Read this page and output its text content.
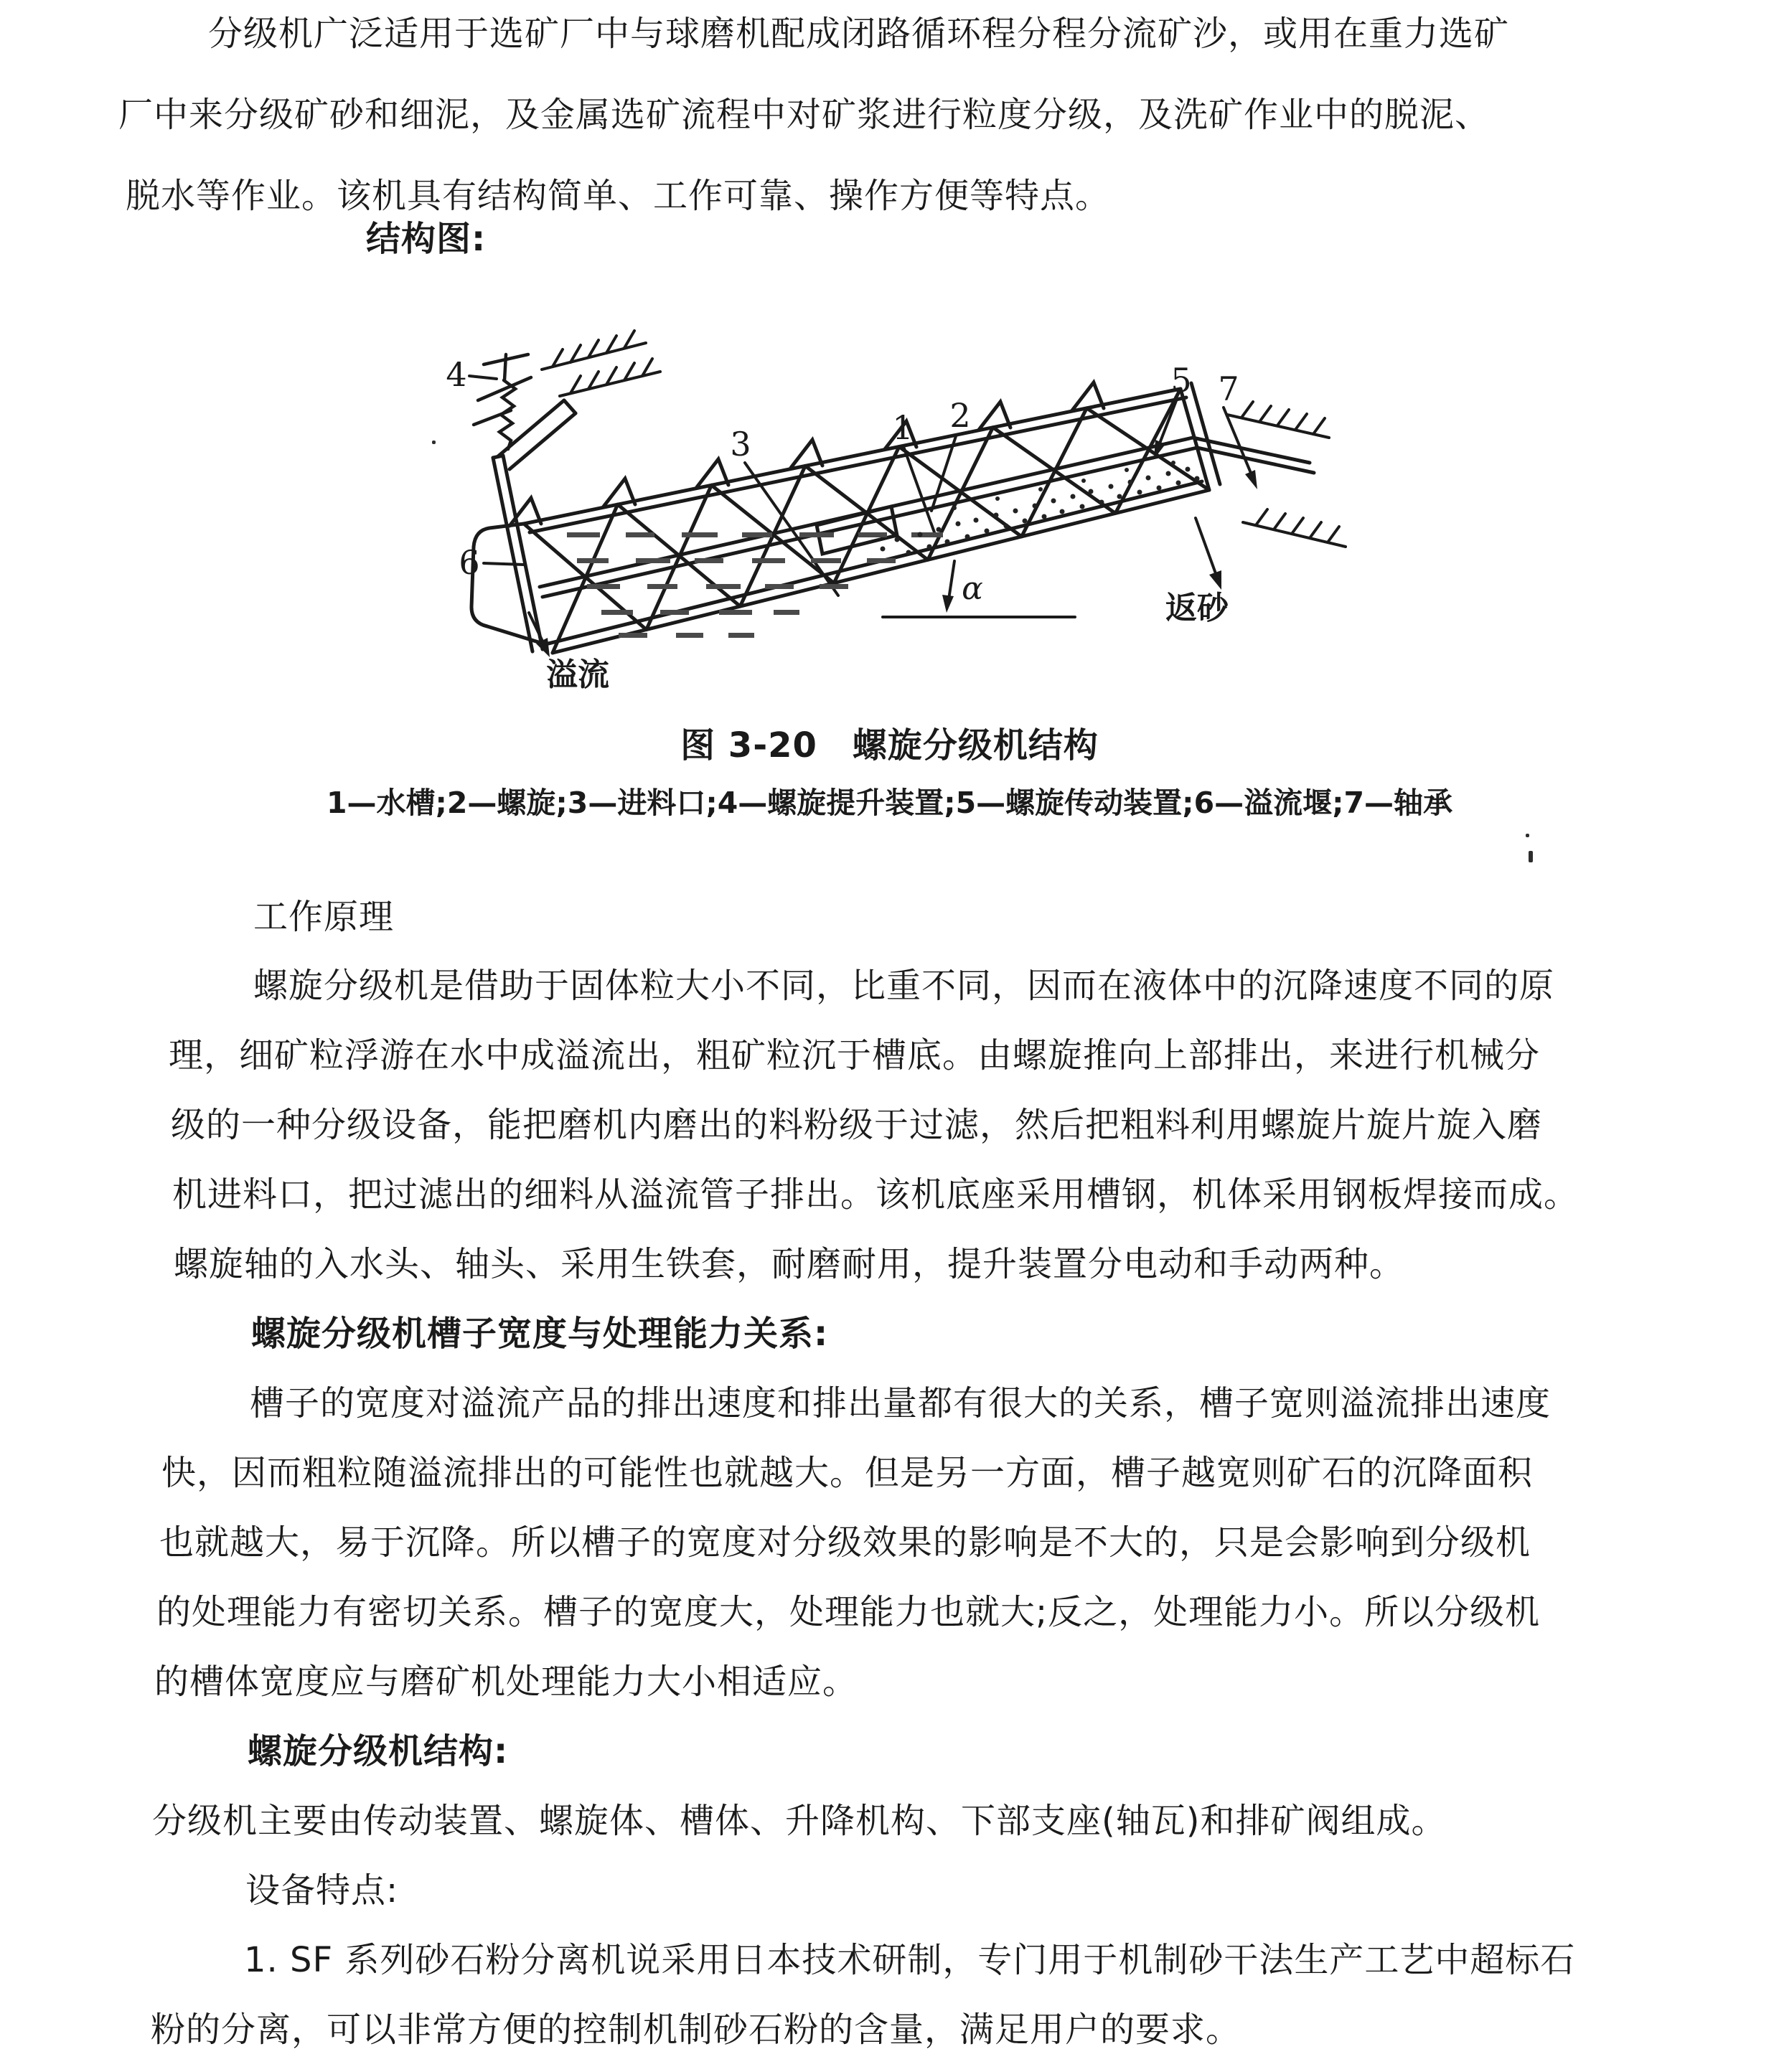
分级机广泛适用于选矿厂中与球磨机配成闭路循环程分程分流矿沙，或用在重力选矿
厂中来分级矿砂和细泥，及金属选矿流程中对矿浆进行粒度分级，及洗矿作业中的脱泥、
脱水等作业。该机具有结构简单、工作可靠、操作方便等特点。
结构图:
1 2
3
4	5
6
7
α
溢流
返砂
图 3-20　螺旋分级机结构
1—水槽;2—螺旋;3—进料口;4—螺旋提升装置;5—螺旋传动装置;6—溢流堰;7—轴承
工作原理
螺旋分级机是借助于固体粒大小不同，比重不同，因而在液体中的沉降速度不同的原
理，细矿粒浮游在水中成溢流出，粗矿粒沉于槽底。由螺旋推向上部排出，来进行机械分
级的一种分级设备，能把磨机内磨出的料粉级于过滤，然后把粗料利用螺旋片旋片旋入磨
机进料口，把过滤出的细料从溢流管子排出。该机底座采用槽钢，机体采用钢板焊接而成。
螺旋轴的入水头、轴头、采用生铁套，耐磨耐用，提升装置分电动和手动两种。
螺旋分级机槽子宽度与处理能力关系:
槽子的宽度对溢流产品的排出速度和排出量都有很大的关系，槽子宽则溢流排出速度
快，因而粗粒随溢流排出的可能性也就越大。但是另一方面，槽子越宽则矿石的沉降面积
也就越大，易于沉降。所以槽子的宽度对分级效果的影响是不大的，只是会影响到分级机
的处理能力有密切关系。槽子的宽度大，处理能力也就大;反之，处理能力小。所以分级机
的槽体宽度应与磨矿机处理能力大小相适应。
螺旋分级机结构:
分级机主要由传动装置、螺旋体、槽体、升降机构、下部支座(轴瓦)和排矿阀组成。
设备特点:
1. SF 系列砂石粉分离机说采用日本技术研制，专门用于机制砂干法生产工艺中超标石
粉的分离，可以非常方便的控制机制砂石粉的含量，满足用户的要求。
